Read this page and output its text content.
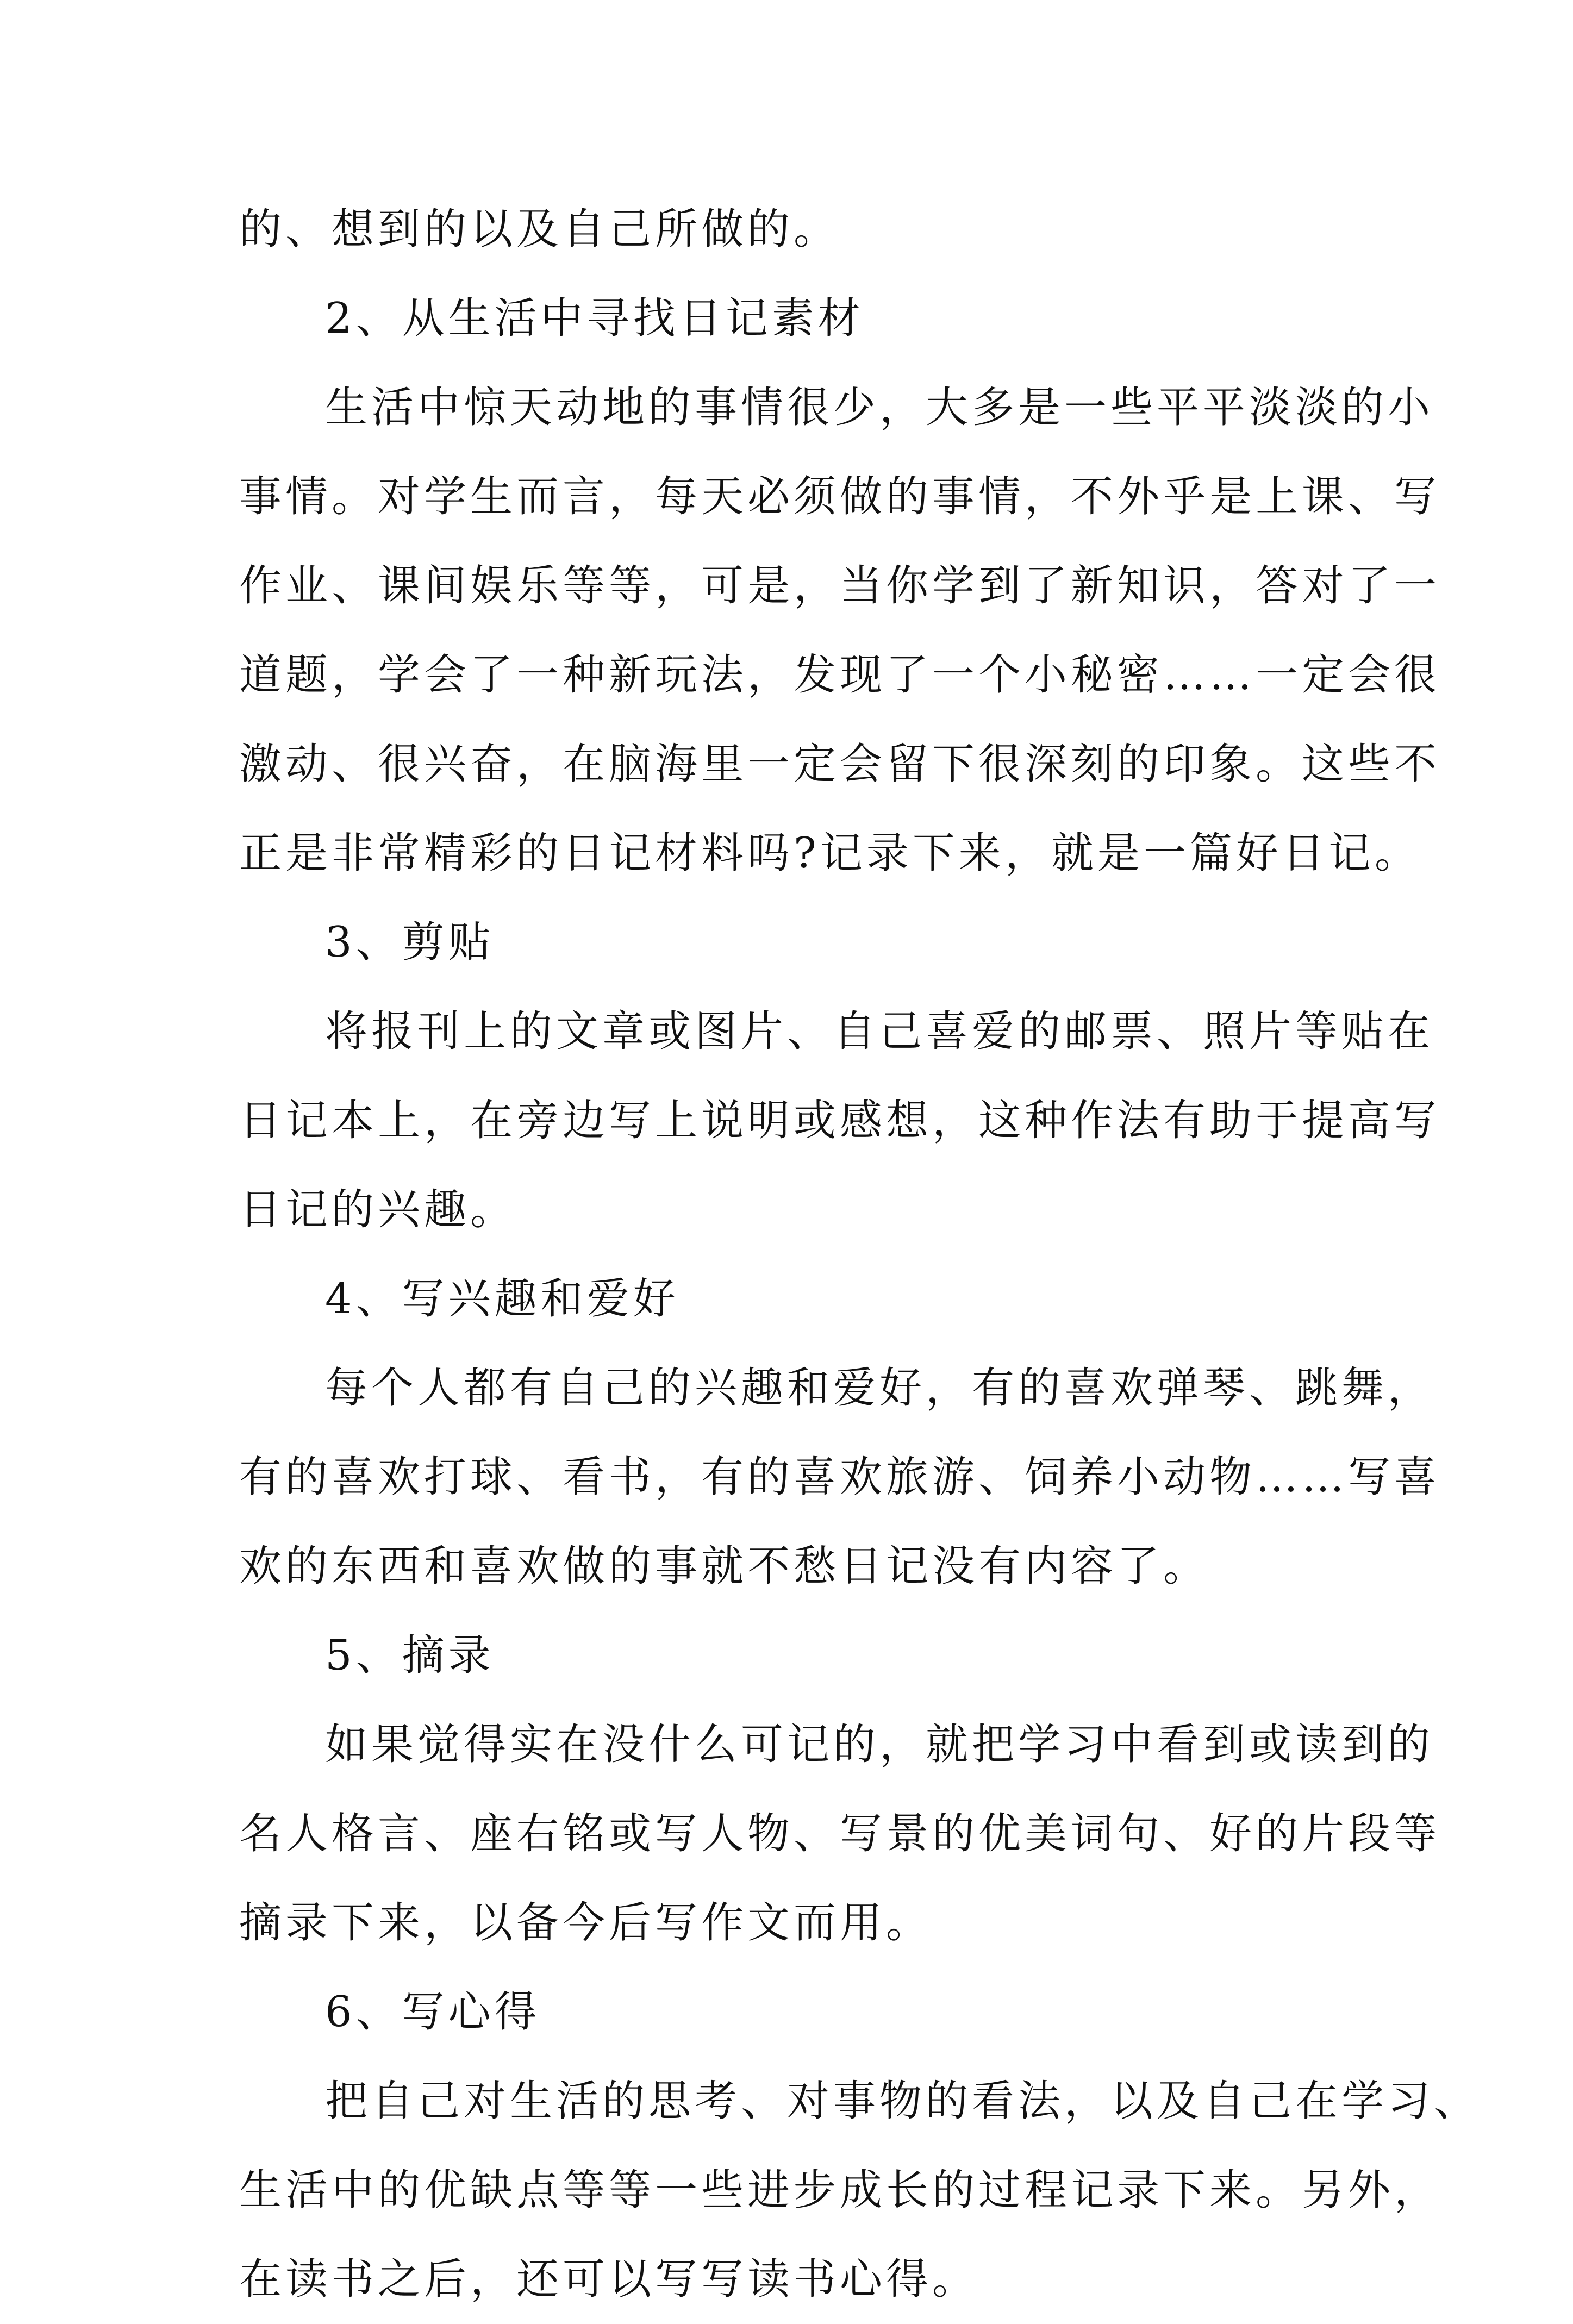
的、想到的以及自己所做的。
2、从生活中寻找日记素材
生活中惊天动地的事情很少，大多是一些平平淡淡的小
事情。对学生而言，每天必须做的事情，不外乎是上课、写
作业、课间娱乐等等，可是，当你学到了新知识，答对了一
道题，学会了一种新玩法，发现了一个小秘密……一定会很
激动、很兴奋，在脑海里一定会留下很深刻的印象。这些不
正是非常精彩的日记材料吗?记录下来，就是一篇好日记。
3、剪贴
将报刊上的文章或图片、自己喜爱的邮票、照片等贴在
日记本上，在旁边写上说明或感想，这种作法有助于提高写
日记的兴趣。
4、写兴趣和爱好
每个人都有自己的兴趣和爱好，有的喜欢弹琴、跳舞，
有的喜欢打球、看书，有的喜欢旅游、饲养小动物……写喜
欢的东西和喜欢做的事就不愁日记没有内容了。
5、摘录
如果觉得实在没什么可记的，就把学习中看到或读到的
名人格言、座右铭或写人物、写景的优美词句、好的片段等
摘录下来，以备今后写作文而用。
6、写心得
把自己对生活的思考、对事物的看法，以及自己在学习、
生活中的优缺点等等一些进步成长的过程记录下来。另外，
在读书之后，还可以写写读书心得。
